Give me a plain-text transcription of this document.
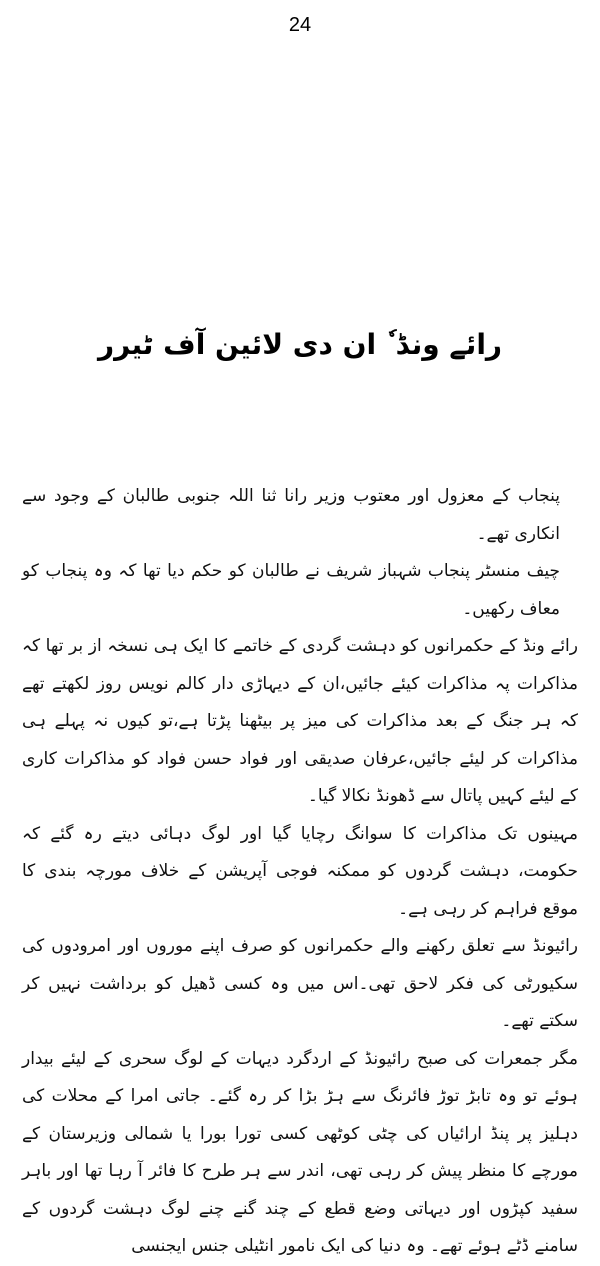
24
رائے ونڈ ٗ ان دی لائین آف ٹیرر

پنجاب کے معزول اور معتوب وزیر رانا ثنا اللہ جنوبی طالبان کے وجود سے انکاری تھے۔

چیف منسٹر پنجاب شہباز شریف نے طالبان کو حکم دیا تھا کہ وہ پنجاب کو معاف رکھیں۔

رائے ونڈ کے حکمرانوں کو دہشت گردی کے خاتمے کا ایک ہی نسخہ از بر تھا کہ مذاکرات پہ مذاکرات کیئے جائیں،ان کے دیہاڑی دار کالم نویس روز لکھتے تھے کہ ہر جنگ کے بعد مذاکرات کی میز پر بیٹھنا پڑتا ہے،تو کیوں نہ پہلے ہی مذاکرات کر لیئے جائیں،عرفان صدیقی اور فواد حسن فواد کو مذاکرات کاری کے لیئے کہیں پاتال سے ڈھونڈ نکالا گیا۔

مہینوں تک مذاکرات کا سوانگ رچایا گیا اور لوگ دہائی دیتے رہ گئے کہ حکومت، دہشت گردوں کو ممکنہ فوجی آپریشن کے خلاف مورچہ بندی کا موقع فراہم کر رہی ہے۔

رائیونڈ سے تعلق رکھنے والے حکمرانوں کو صرف اپنے موروں اور امرودوں کی سکیورٹی کی فکر لاحق تھی۔اس میں وہ کسی ڈھیل کو برداشت نہیں کر سکتے تھے۔

مگر جمعرات کی صبح رائیونڈ کے اردگرد دیہات کے لوگ سحری کے لیئے بیدار ہوئے تو وہ تابڑ توڑ فائرنگ سے ہڑ بڑا کر رہ گئے۔ جاتی امرا کے محلات کی دہلیز پر پنڈ ارائیاں کی چٹی کوٹھی کسی تورا بورا یا شمالی وزیرستان کے مورچے کا منظر پیش کر رہی تھی، اندر سے ہر طرح کا فائر آ رہا تھا اور باہر سفید کپڑوں اور دیہاتی وضع قطع کے چند گنے چنے لوگ دہشت گردوں کے سامنے ڈٹے ہوئے تھے۔ وہ دنیا کی ایک نامور انٹیلی جنس ایجنسی
